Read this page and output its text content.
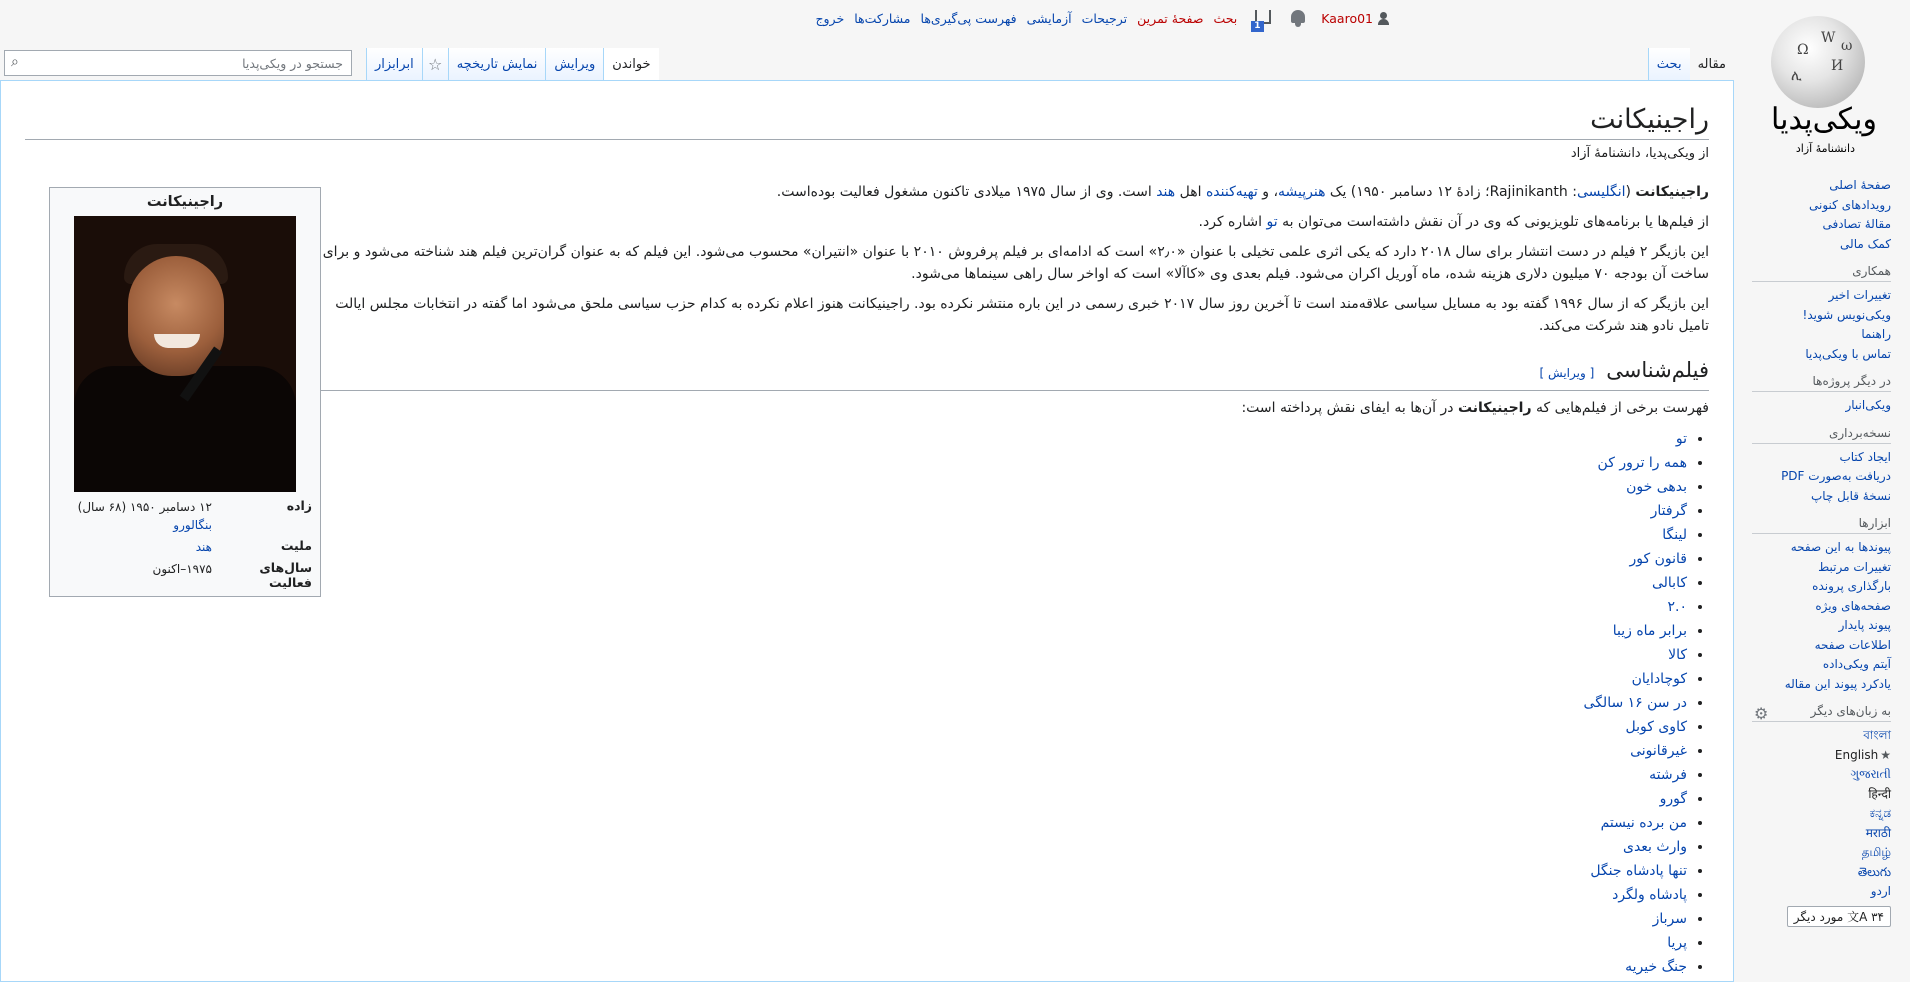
Kaaro01
1
بحث
صفحهٔ تمرین
ترجیحات
آزمایشی
فهرست پی‌گیری‌ها
مشارکت‌ها
خروج
Ω
W
И
ሊ
ω
ویکی‌پدیا
دانشنامهٔ آزاد
مقاله
بحث
جستجو در ویکی‌پدیا
⌕	ابرابزار ☆	نمایش تاریخچه	ویرایش	خواندن
صفحهٔ اصلی
رویدادهای کنونی
مقالهٔ تصادفی
کمک مالی
همکاری
تغییرات اخیر
ویکی‌نویس شوید!
راهنما
تماس با ویکی‌پدیا
در دیگر پروژه‌ها
ویکی‌انبار
نسخه‌برداری
ایجاد کتاب
دریافت به‌صورت PDF
نسخهٔ قابل چاپ
ابزارها
پیوندها به این صفحه
تغییرات مرتبط
بارگذاری پرونده
صفحه‌های ویژه
پیوند پایدار
اطلاعات صفحه
آیتم ویکی‌داده
یادکرد پیوند این مقاله
به زبان‌های دیگر
⚙
বাংলা
★English
ગુજરાતી
हिन्दी
ಕನ್ನಡ
मराठी
தமிழ்
తెలుగు
اردو
文A ۳۴ مورد دیگر
راجینیکانت
از ویکی‌پدیا، دانشنامهٔ آزاد
راجینیکانت
زاده	۱۲ دسامبر ۱۹۵۰ (۶۸ سال)
بنگالورو
ملیت	هند
سال‌های فعالیت	۱۹۷۵–اکنون

راجینیکانت (انگلیسی: Rajinikanth؛ زادهٔ ۱۲ دسامبر ۱۹۵۰) یک هنرپیشه، و تهیه‌کننده اهل هند است. وی از سال ۱۹۷۵ میلادی تاکنون مشغول فعالیت بوده‌است.

از فیلم‌ها یا برنامه‌های تلویزیونی که وی در آن نقش داشته‌است می‌توان به تو اشاره کرد.

این بازیگر ۲ فیلم در دست انتشار برای سال ۲۰۱۸ دارد که یکی اثری علمی تخیلی با عنوان «۲٫۰» است که ادامه‌ای بر فیلم پرفروش ۲۰۱۰ با عنوان «انتیران» محسوب می‌شود. این فیلم که به عنوان گران‌ترین فیلم هند شناخته می‌شود و برای ساخت آن بودجه ۷۰ میلیون دلاری هزینه شده، ماه آوریل اکران می‌شود. فیلم بعدی وی «کاآلا» است که اواخر سال راهی سینماها می‌شود.

این بازیگر که از سال ۱۹۹۶ گفته بود به مسایل سیاسی علاقه‌مند است تا آخرین روز سال ۲۰۱۷ خبری رسمی در این باره منتشر نکرده بود. راجینیکانت هنوز اعلام نکرده به کدام حزب سیاسی ملحق می‌شود اما گفته در انتخابات مجلس ایالت تامیل نادو هند شرکت می‌کند.

فیلم‌شناسی[ ویرایش ]

فهرست برخی از فیلم‌هایی که راجینیکانت در آن‌ها به ایفای نقش پرداخته است:

• تو
• همه را ترور کن
• بدهی خون
• گرفتار
• لینگا
• قانون کور
• کابالی
• ۲.۰
• برابر ماه زیبا
• کالا
• کوچادایان
• در سن ۱۶ سالگی
• کاوی کوبل
• غیرقانونی
• فرشته
• گورو
• من برده نیستم
• وارث بعدی
• تنها پادشاه جنگل
• پادشاه ولگرد
• سرباز
• پریا
• جنگ خیریه
